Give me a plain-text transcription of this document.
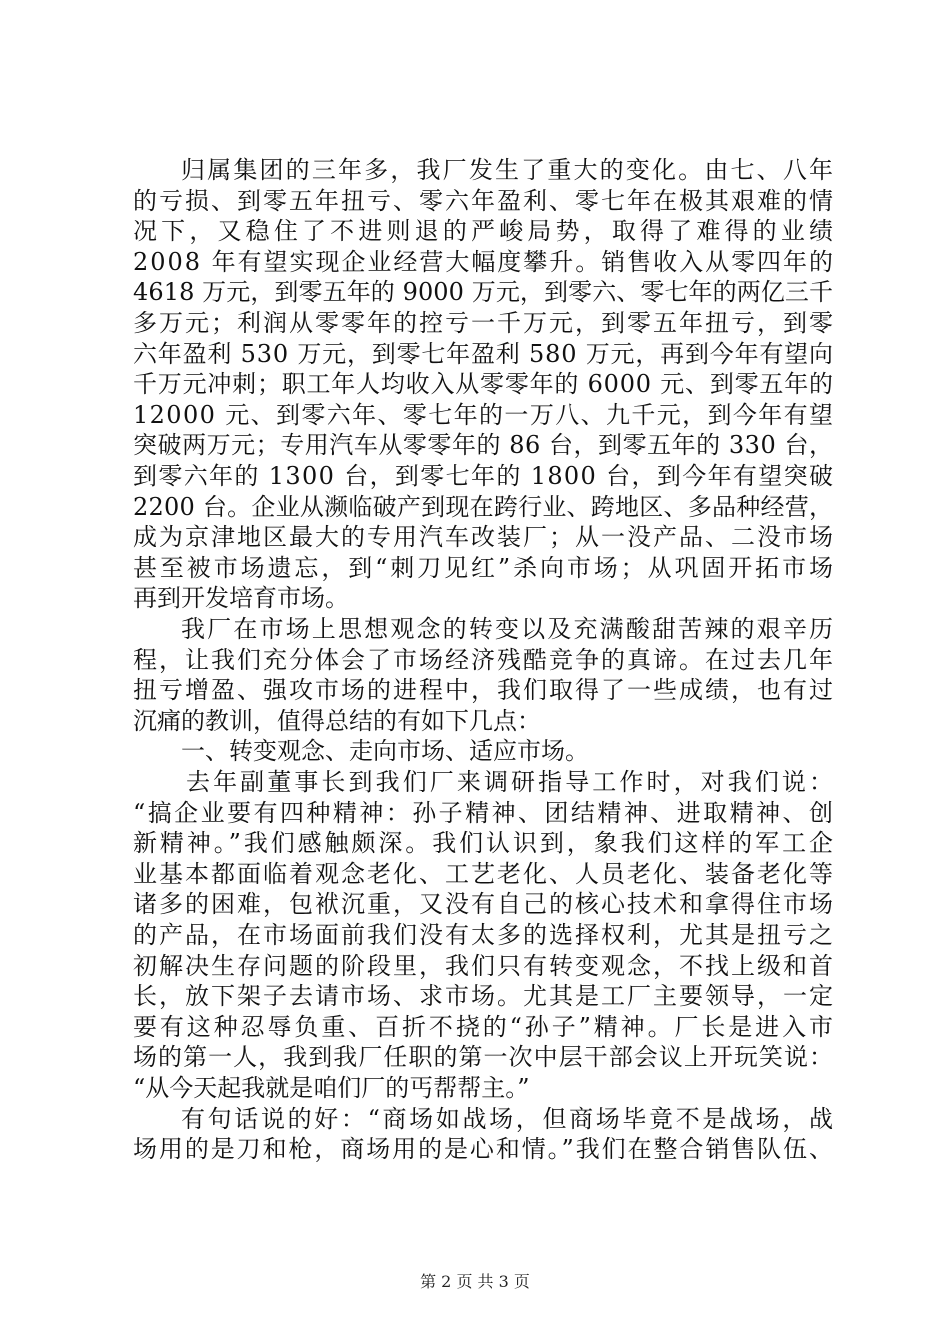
归属集团的三年多，我厂发生了重大的变化。由七、八年
的亏损、到零五年扭亏、零六年盈利、零七年在极其艰难的情
况下，又稳住了不进则退的严峻局势，取得了难得的业绩
2008 年有望实现企业经营大幅度攀升。销售收入从零四年的
4618 万元，到零五年的 9000 万元，到零六、零七年的两亿三千
多万元；利润从零零年的控亏一千万元，到零五年扭亏，到零
六年盈利 530 万元，到零七年盈利 580 万元，再到今年有望向
千万元冲刺；职工年人均收入从零零年的 6000 元、到零五年的
12000 元、到零六年、零七年的一万八、九千元，到今年有望
突破两万元；专用汽车从零零年的 86 台，到零五年的 330 台，
到零六年的 1300 台，到零七年的 1800 台，到今年有望突破
2200 台。企业从濒临破产到现在跨行业、跨地区、多品种经营，
成为京津地区最大的专用汽车改装厂；从一没产品、二没市场
甚至被市场遗忘，到“刺刀见红”杀向市场；从巩固开拓市场
再到开发培育市场。
我厂在市场上思想观念的转变以及充满酸甜苦辣的艰辛历
程，让我们充分体会了市场经济残酷竞争的真谛。在过去几年
扭亏增盈、强攻市场的进程中，我们取得了一些成绩，也有过
沉痛的教训，值得总结的有如下几点：
一、转变观念、走向市场、适应市场。
去年副董事长到我们厂来调研指导工作时，对我们说：
“搞企业要有四种精神：孙子精神、团结精神、进取精神、创
新精神。”我们感触颇深。我们认识到，象我们这样的军工企
业基本都面临着观念老化、工艺老化、人员老化、装备老化等
诸多的困难，包袱沉重，又没有自己的核心技术和拿得住市场
的产品，在市场面前我们没有太多的选择权利，尤其是扭亏之
初解决生存问题的阶段里，我们只有转变观念，不找上级和首
长，放下架子去请市场、求市场。尤其是工厂主要领导，一定
要有这种忍辱负重、百折不挠的“孙子”精神。厂长是进入市
场的第一人，我到我厂任职的第一次中层干部会议上开玩笑说：
“从今天起我就是咱们厂的丐帮帮主。”
有句话说的好：“商场如战场，但商场毕竟不是战场，战
场用的是刀和枪，商场用的是心和情。”我们在整合销售队伍、
第 2 页 共 3 页
